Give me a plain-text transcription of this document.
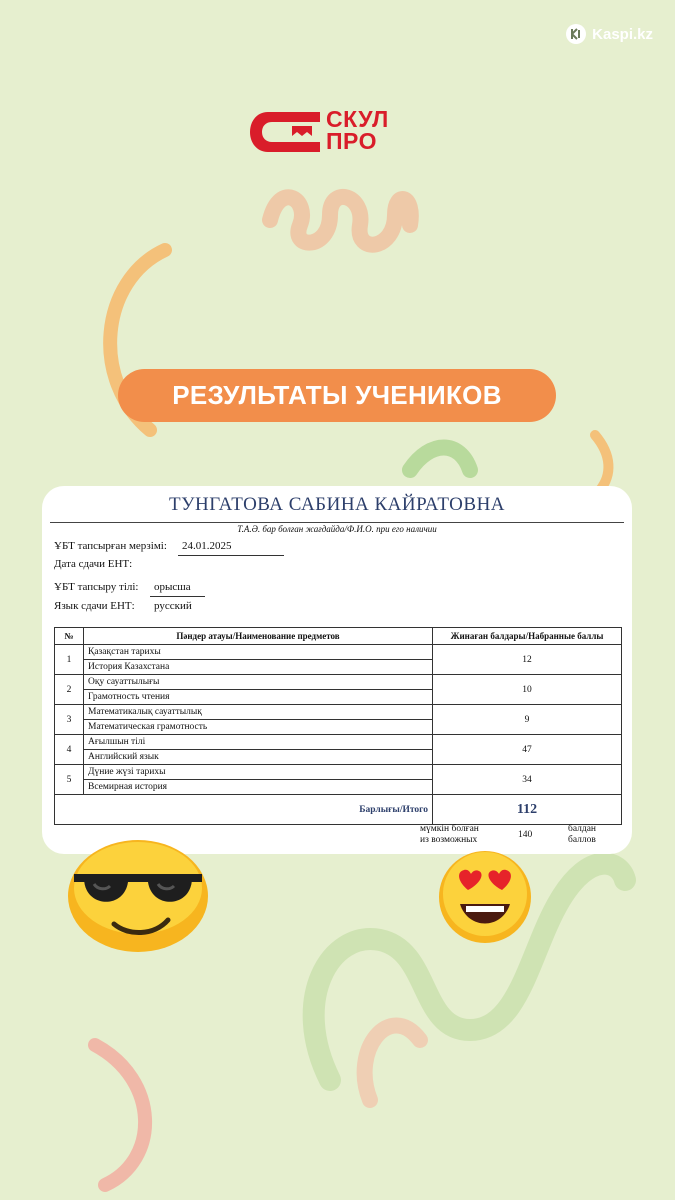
Kaspi.kz
СКУЛ
ПРО
РЕЗУЛЬТАТЫ УЧЕНИКОВ
ТУНГАТОВА САБИНА КАЙРАТОВНА
Т.А.Ә. бар болған жағдайда/Ф.И.О. при его наличии
ҰБТ тапсырған мерзімі: 24.01.2025
Дата сдачи ЕНТ:
ҰБТ тапсыру тілі: орысша
Язык сдачи ЕНТ: русский
№	Пәндер атауы/Наименование предметов	Жинаған балдары/Набранные баллы
1	Қазақстан тарихы
История Казахстана	12
2	Оқу сауаттылығы
Грамотность чтения	10
3	Математикалық сауаттылық
Математическая грамотность	9
4	Ағылшын тілі
Английский язык	47
5	Дүние жүзі тарихы
Всемирная история	34
Барлығы/Итого		112
мүмкін болған
из возможных	140
балдан
баллов
